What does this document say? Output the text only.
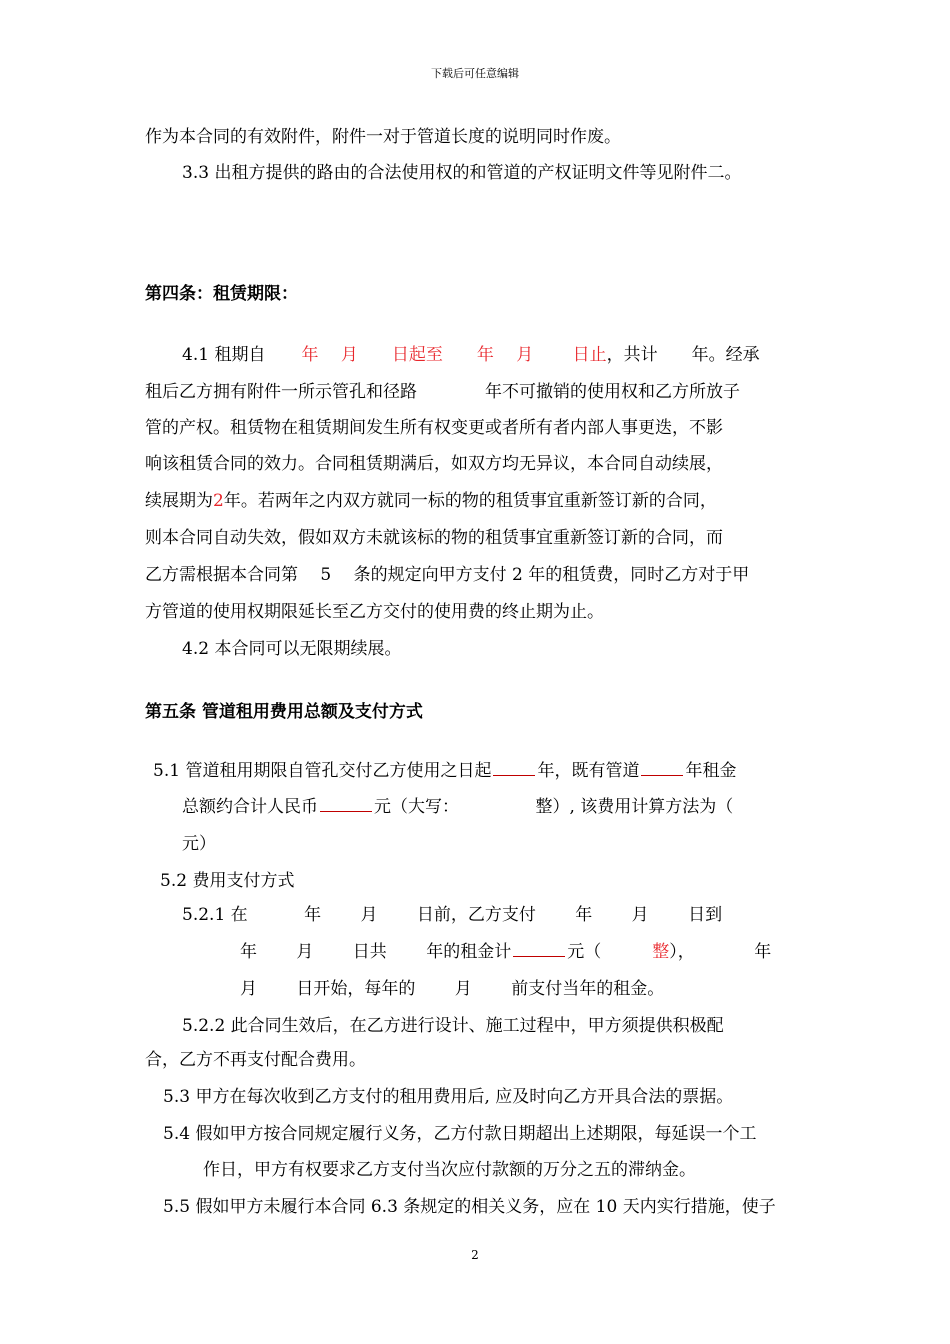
下载后可任意编辑
作为本合同的有效附件，附件一对于管道长度的说明同时作废。
3.3 出租方提供的路由的合法使用权的和管道的产权证明文件等见附件二。
第四条：租赁期限：
4.1 租期自 年　 月　　日起至　　年　 月　　 日止，共计　　年。经承
租后乙方拥有附件一所示管孔和径路　　　　年不可撤销的使用权和乙方所放子
管的产权。租赁物在租赁期间发生所有权变更或者所有者内部人事更迭，不影
响该租赁合同的效力。合同租赁期满后，如双方均无异议，本合同自动续展，
续展期为2年。若两年之内双方就同一标的物的租赁事宜重新签订新的合同，
则本合同自动失效，假如双方未就该标的物的租赁事宜重新签订新的合同，而
乙方需根据本合同第　 5　 条的规定向甲方支付 2 年的租赁费，同时乙方对于甲
方管道的使用权期限延长至乙方交付的使用费的终止期为止。
4.2 本合同可以无限期续展。
第五条 管道租用费用总额及支付方式
5.1 管道租用期限自管孔交付乙方使用之日起	年，既有管道	年租金
总额约合计人民币	元（大写：　　　　　整）, 该费用计算方法为（
元）
5.2 费用支付方式
5.2.1 在　　　 年　　 月　　 日前，乙方支付　　 年　　 月　　 日到
年　　 月　　 日共　　 年的租金计	元（　　　整），　　　　年
月　　 日开始，每年的　　 月　　 前支付当年的租金。
5.2.2 此合同生效后，在乙方进行设计、施工过程中，甲方须提供积极配
合，乙方不再支付配合费用。
5.3 甲方在每次收到乙方支付的租用费用后, 应及时向乙方开具合法的票据。
5.4 假如甲方按合同规定履行义务，乙方付款日期超出上述期限，每延误一个工
作日，甲方有权要求乙方支付当次应付款额的万分之五的滞纳金。
5.5 假如甲方未履行本合同 6.3 条规定的相关义务，应在 10 天内实行措施，使子
2
